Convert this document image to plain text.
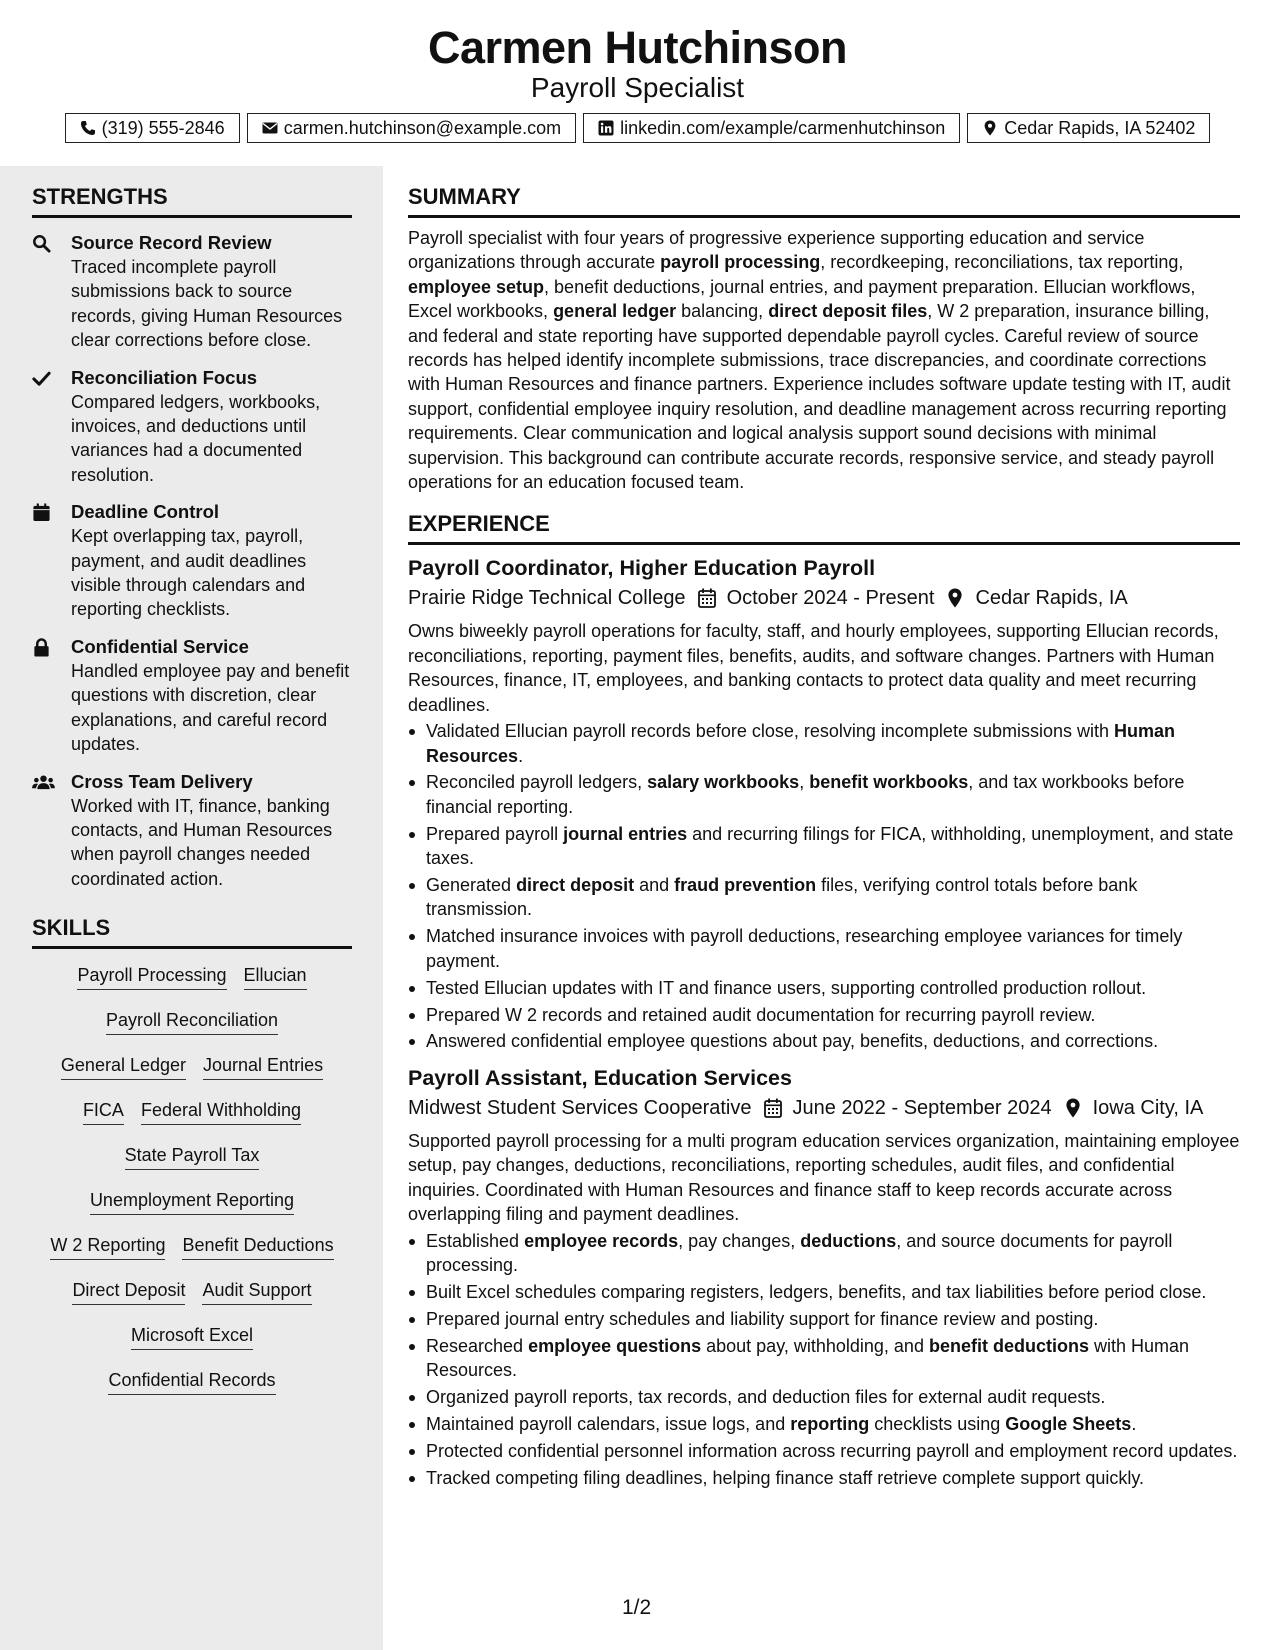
Carmen Hutchinson
Payroll Specialist
(319) 555-2846	carmen.hutchinson@example.com	linkedin.com/example/carmenhutchinson	Cedar Rapids, IA 52402
STRENGTHS
Source Record Review
Traced incomplete payroll submissions back to source records, giving Human Resources clear corrections before close.
Reconciliation Focus
Compared ledgers, workbooks, invoices, and deductions until variances had a documented resolution.
Deadline Control
Kept overlapping tax, payroll, payment, and audit deadlines visible through calendars and reporting checklists.
Confidential Service
Handled employee pay and benefit questions with discretion, clear explanations, and careful record updates.
Cross Team Delivery
Worked with IT, finance, banking contacts, and Human Resources when payroll changes needed coordinated action.
SKILLS
Payroll Processing Ellucian
Payroll Reconciliation
General Ledger Journal Entries
FICA Federal Withholding
State Payroll Tax
Unemployment Reporting
W 2 Reporting Benefit Deductions
Direct Deposit Audit Support
Microsoft Excel
Confidential Records
SUMMARY
Payroll specialist with four years of progressive experience supporting education and service organizations through accurate payroll processing, recordkeeping, reconciliations, tax reporting, employee setup, benefit deductions, journal entries, and payment preparation. Ellucian workflows, Excel workbooks, general ledger balancing, direct deposit files, W 2 preparation, insurance billing, and federal and state reporting have supported dependable payroll cycles. Careful review of source records has helped identify incomplete submissions, trace discrepancies, and coordinate corrections with Human Resources and finance partners. Experience includes software update testing with IT, audit support, confidential employee inquiry resolution, and deadline management across recurring reporting requirements. Clear communication and logical analysis support sound decisions with minimal supervision. This background can contribute accurate records, responsive service, and steady payroll operations for an education focused team.
EXPERIENCE
Payroll Coordinator, Higher Education Payroll
Prairie Ridge Technical College October 2024 - Present Cedar Rapids, IA
Owns biweekly payroll operations for faculty, staff, and hourly employees, supporting Ellucian records, reconciliations, reporting, payment files, benefits, audits, and software changes. Partners with Human Resources, finance, IT, employees, and banking contacts to protect data quality and meet recurring deadlines.
Validated Ellucian payroll records before close, resolving incomplete submissions with Human Resources.
Reconciled payroll ledgers, salary workbooks, benefit workbooks, and tax workbooks before financial reporting.
Prepared payroll journal entries and recurring filings for FICA, withholding, unemployment, and state taxes.
Generated direct deposit and fraud prevention files, verifying control totals before bank transmission.
Matched insurance invoices with payroll deductions, researching employee variances for timely payment.
Tested Ellucian updates with IT and finance users, supporting controlled production rollout.
Prepared W 2 records and retained audit documentation for recurring payroll review.
Answered confidential employee questions about pay, benefits, deductions, and corrections.
Payroll Assistant, Education Services
Midwest Student Services Cooperative June 2022 - September 2024 Iowa City, IA
Supported payroll processing for a multi program education services organization, maintaining employee setup, pay changes, deductions, reconciliations, reporting schedules, audit files, and confidential inquiries. Coordinated with Human Resources and finance staff to keep records accurate across overlapping filing and payment deadlines.
Established employee records, pay changes, deductions, and source documents for payroll processing.
Built Excel schedules comparing registers, ledgers, benefits, and tax liabilities before period close.
Prepared journal entry schedules and liability support for finance review and posting.
Researched employee questions about pay, withholding, and benefit deductions with Human Resources.
Organized payroll reports, tax records, and deduction files for external audit requests.
Maintained payroll calendars, issue logs, and reporting checklists using Google Sheets.
Protected confidential personnel information across recurring payroll and employment record updates.
Tracked competing filing deadlines, helping finance staff retrieve complete support quickly.
1/2
